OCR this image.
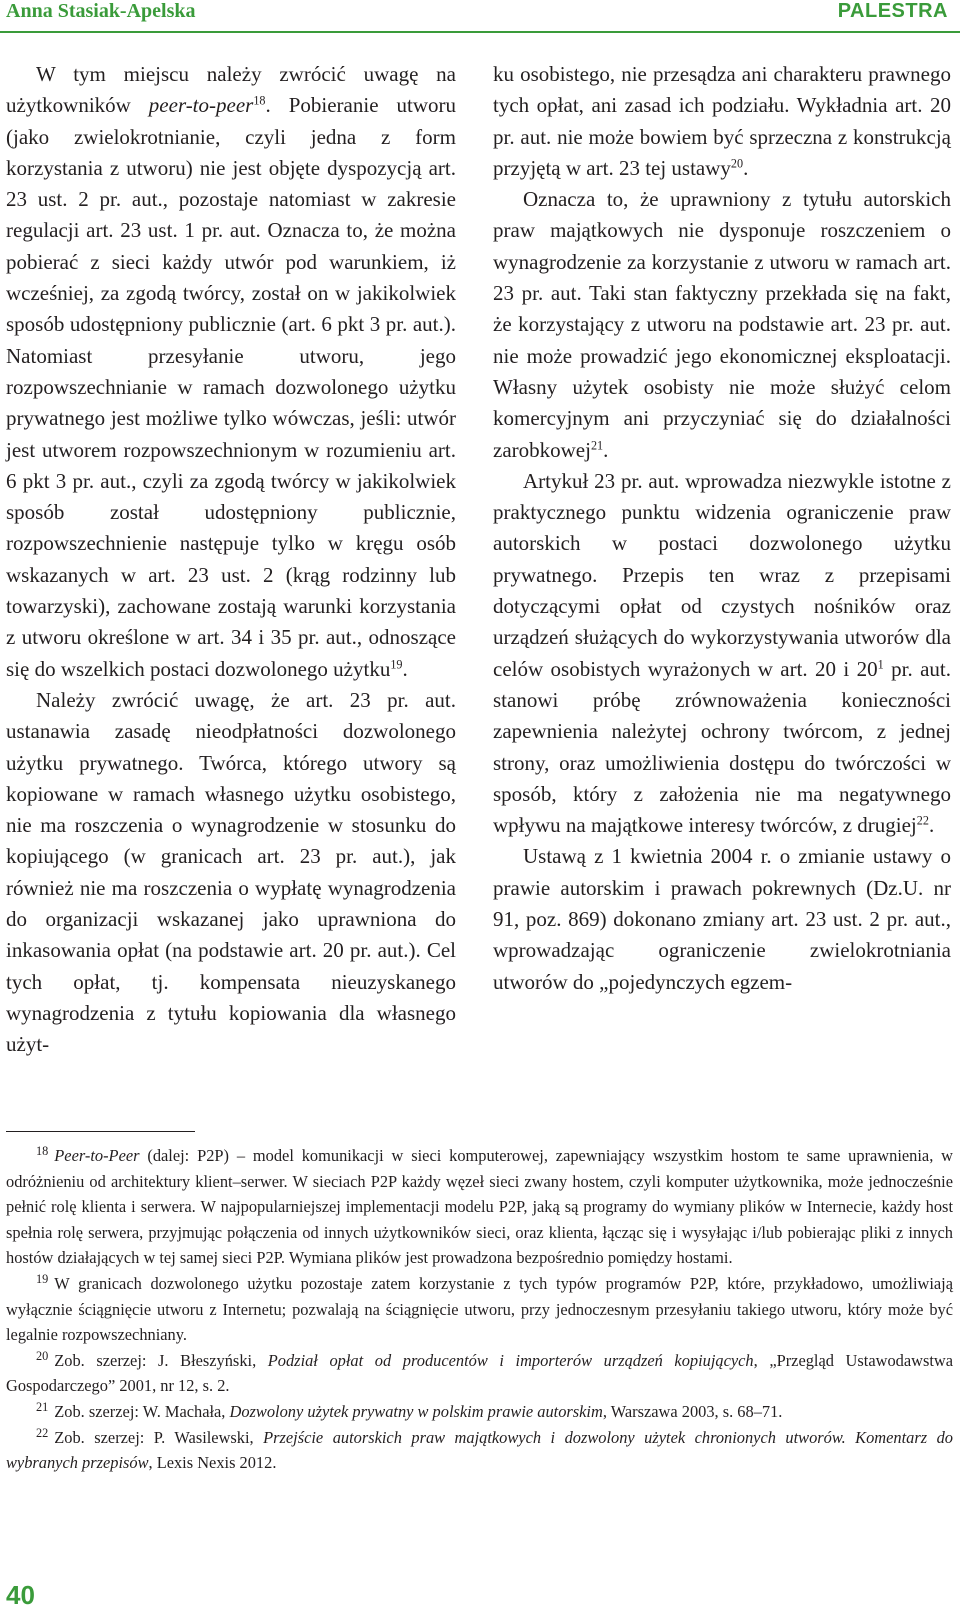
Anna Stasiak-Apelska	PALESTRA

W tym miejscu należy zwrócić uwagę na użytkowników peer-to-peer$^{18}$. Pobieranie utworu (jako zwielokrotnianie, czyli jedna z form korzystania z utworu) nie jest objęte dyspozycją art. 23 ust. 2 pr. aut., pozostaje natomiast w zakresie regulacji art. 23 ust. 1 pr. aut. Oznacza to, że można pobierać z sieci każdy utwór pod warunkiem, iż wcześniej, za zgodą twórcy, został on w jakikolwiek sposób udostępniony publicznie (art. 6 pkt 3 pr. aut.). Natomiast przesyłanie utworu, jego rozpowszechnianie w ramach dozwolonego użytku prywatnego jest możliwe tylko wówczas, jeśli: utwór jest utworem rozpowszechnionym w rozumieniu art. 6 pkt 3 pr. aut., czyli za zgodą twórcy w jakikolwiek sposób został udostępniony publicznie, rozpowszechnienie następuje tylko w kręgu osób wskazanych w art. 23 ust. 2 (krąg rodzinny lub towarzyski), zachowane zostają warunki korzystania z utworu określone w art. 34 i 35 pr. aut., odnoszące się do wszelkich postaci dozwolonego użytku$^{19}$.

Należy zwrócić uwagę, że art. 23 pr. aut. ustanawia zasadę nieodpłatności dozwolonego użytku prywatnego. Twórca, którego utwory są kopiowane w ramach własnego użytku osobistego, nie ma roszczenia o wynagrodzenie w stosunku do kopiującego (w granicach art. 23 pr. aut.), jak również nie ma roszczenia o wypłatę wynagrodzenia do organizacji wskazanej jako uprawniona do inkasowania opłat (na podstawie art. 20 pr. aut.). Cel tych opłat, tj. kompensata nieuzyskanego wynagrodzenia z tytułu kopiowania dla własnego użyt-

ku osobistego, nie przesądza ani charakteru prawnego tych opłat, ani zasad ich podziału. Wykładnia art. 20 pr. aut. nie może bowiem być sprzeczna z konstrukcją przyjętą w art. 23 tej ustawy$^{20}$.

Oznacza to, że uprawniony z tytułu autorskich praw majątkowych nie dysponuje roszczeniem o wynagrodzenie za korzystanie z utworu w ramach art. 23 pr. aut. Taki stan faktyczny przekłada się na fakt, że korzystający z utworu na podstawie art. 23 pr. aut. nie może prowadzić jego ekonomicznej eksploatacji. Własny użytek osobisty nie może służyć celom komercyjnym ani przyczyniać się do działalności zarobkowej$^{21}$.

Artykuł 23 pr. aut. wprowadza niezwykle istotne z praktycznego punktu widzenia ograniczenie praw autorskich w postaci dozwolonego użytku prywatnego. Przepis ten wraz z przepisami dotyczącymi opłat od czystych nośników oraz urządzeń służących do wykorzystywania utworów dla celów osobistych wyrażonych w art. 20 i $20^1$ pr. aut. stanowi próbę zrównoważenia konieczności zapewnienia należytej ochrony twórcom, z jednej strony, oraz umożliwienia dostępu do twórczości w sposób, który z założenia nie ma negatywnego wpływu na majątkowe interesy twórców, z drugiej$^{22}$.

Ustawą z 1 kwietnia 2004 r. o zmianie ustawy o prawie autorskim i prawach pokrewnych (Dz.U. nr 91, poz. 869) dokonano zmiany art. 23 ust. 2 pr. aut., wprowadzając ograniczenie zwielokrotniania utworów do „pojedynczych egzem-

$^{18}$ Peer-to-Peer (dalej: P2P) – model komunikacji w sieci komputerowej, zapewniający wszystkim hostom te same uprawnienia, w odróżnieniu od architektury klient–serwer. W sieciach P2P każdy węzeł sieci zwany hostem, czyli komputer użytkownika, może jednocześnie pełnić rolę klienta i serwera. W najpopularniejszej implementacji modelu P2P, jaką są programy do wymiany plików w Internecie, każdy host spełnia rolę serwera, przyjmując połączenia od innych użytkowników sieci, oraz klienta, łącząc się i wysyłając i/lub pobierając pliki z innych hostów działających w tej samej sieci P2P. Wymiana plików jest prowadzona bezpośrednio pomiędzy hostami.

$^{19}$ W granicach dozwolonego użytku pozostaje zatem korzystanie z tych typów programów P2P, które, przykładowo, umożliwiają wyłącznie ściągnięcie utworu z Internetu; pozwalają na ściągnięcie utworu, przy jednoczesnym przesyłaniu takiego utworu, który może być legalnie rozpowszechniany.

$^{20}$ Zob. szerzej: J. Błeszyński, Podział opłat od producentów i importerów urządzeń kopiujących, „Przegląd Ustawodawstwa Gospodarczego” 2001, nr 12, s. 2.

$^{21}$ Zob. szerzej: W. Machała, Dozwolony użytek prywatny w polskim prawie autorskim, Warszawa 2003, s. 68–71.

$^{22}$ Zob. szerzej: P. Wasilewski, Przejście autorskich praw majątkowych i dozwolony użytek chronionych utworów. Komentarz do wybranych przepisów, Lexis Nexis 2012.

40
